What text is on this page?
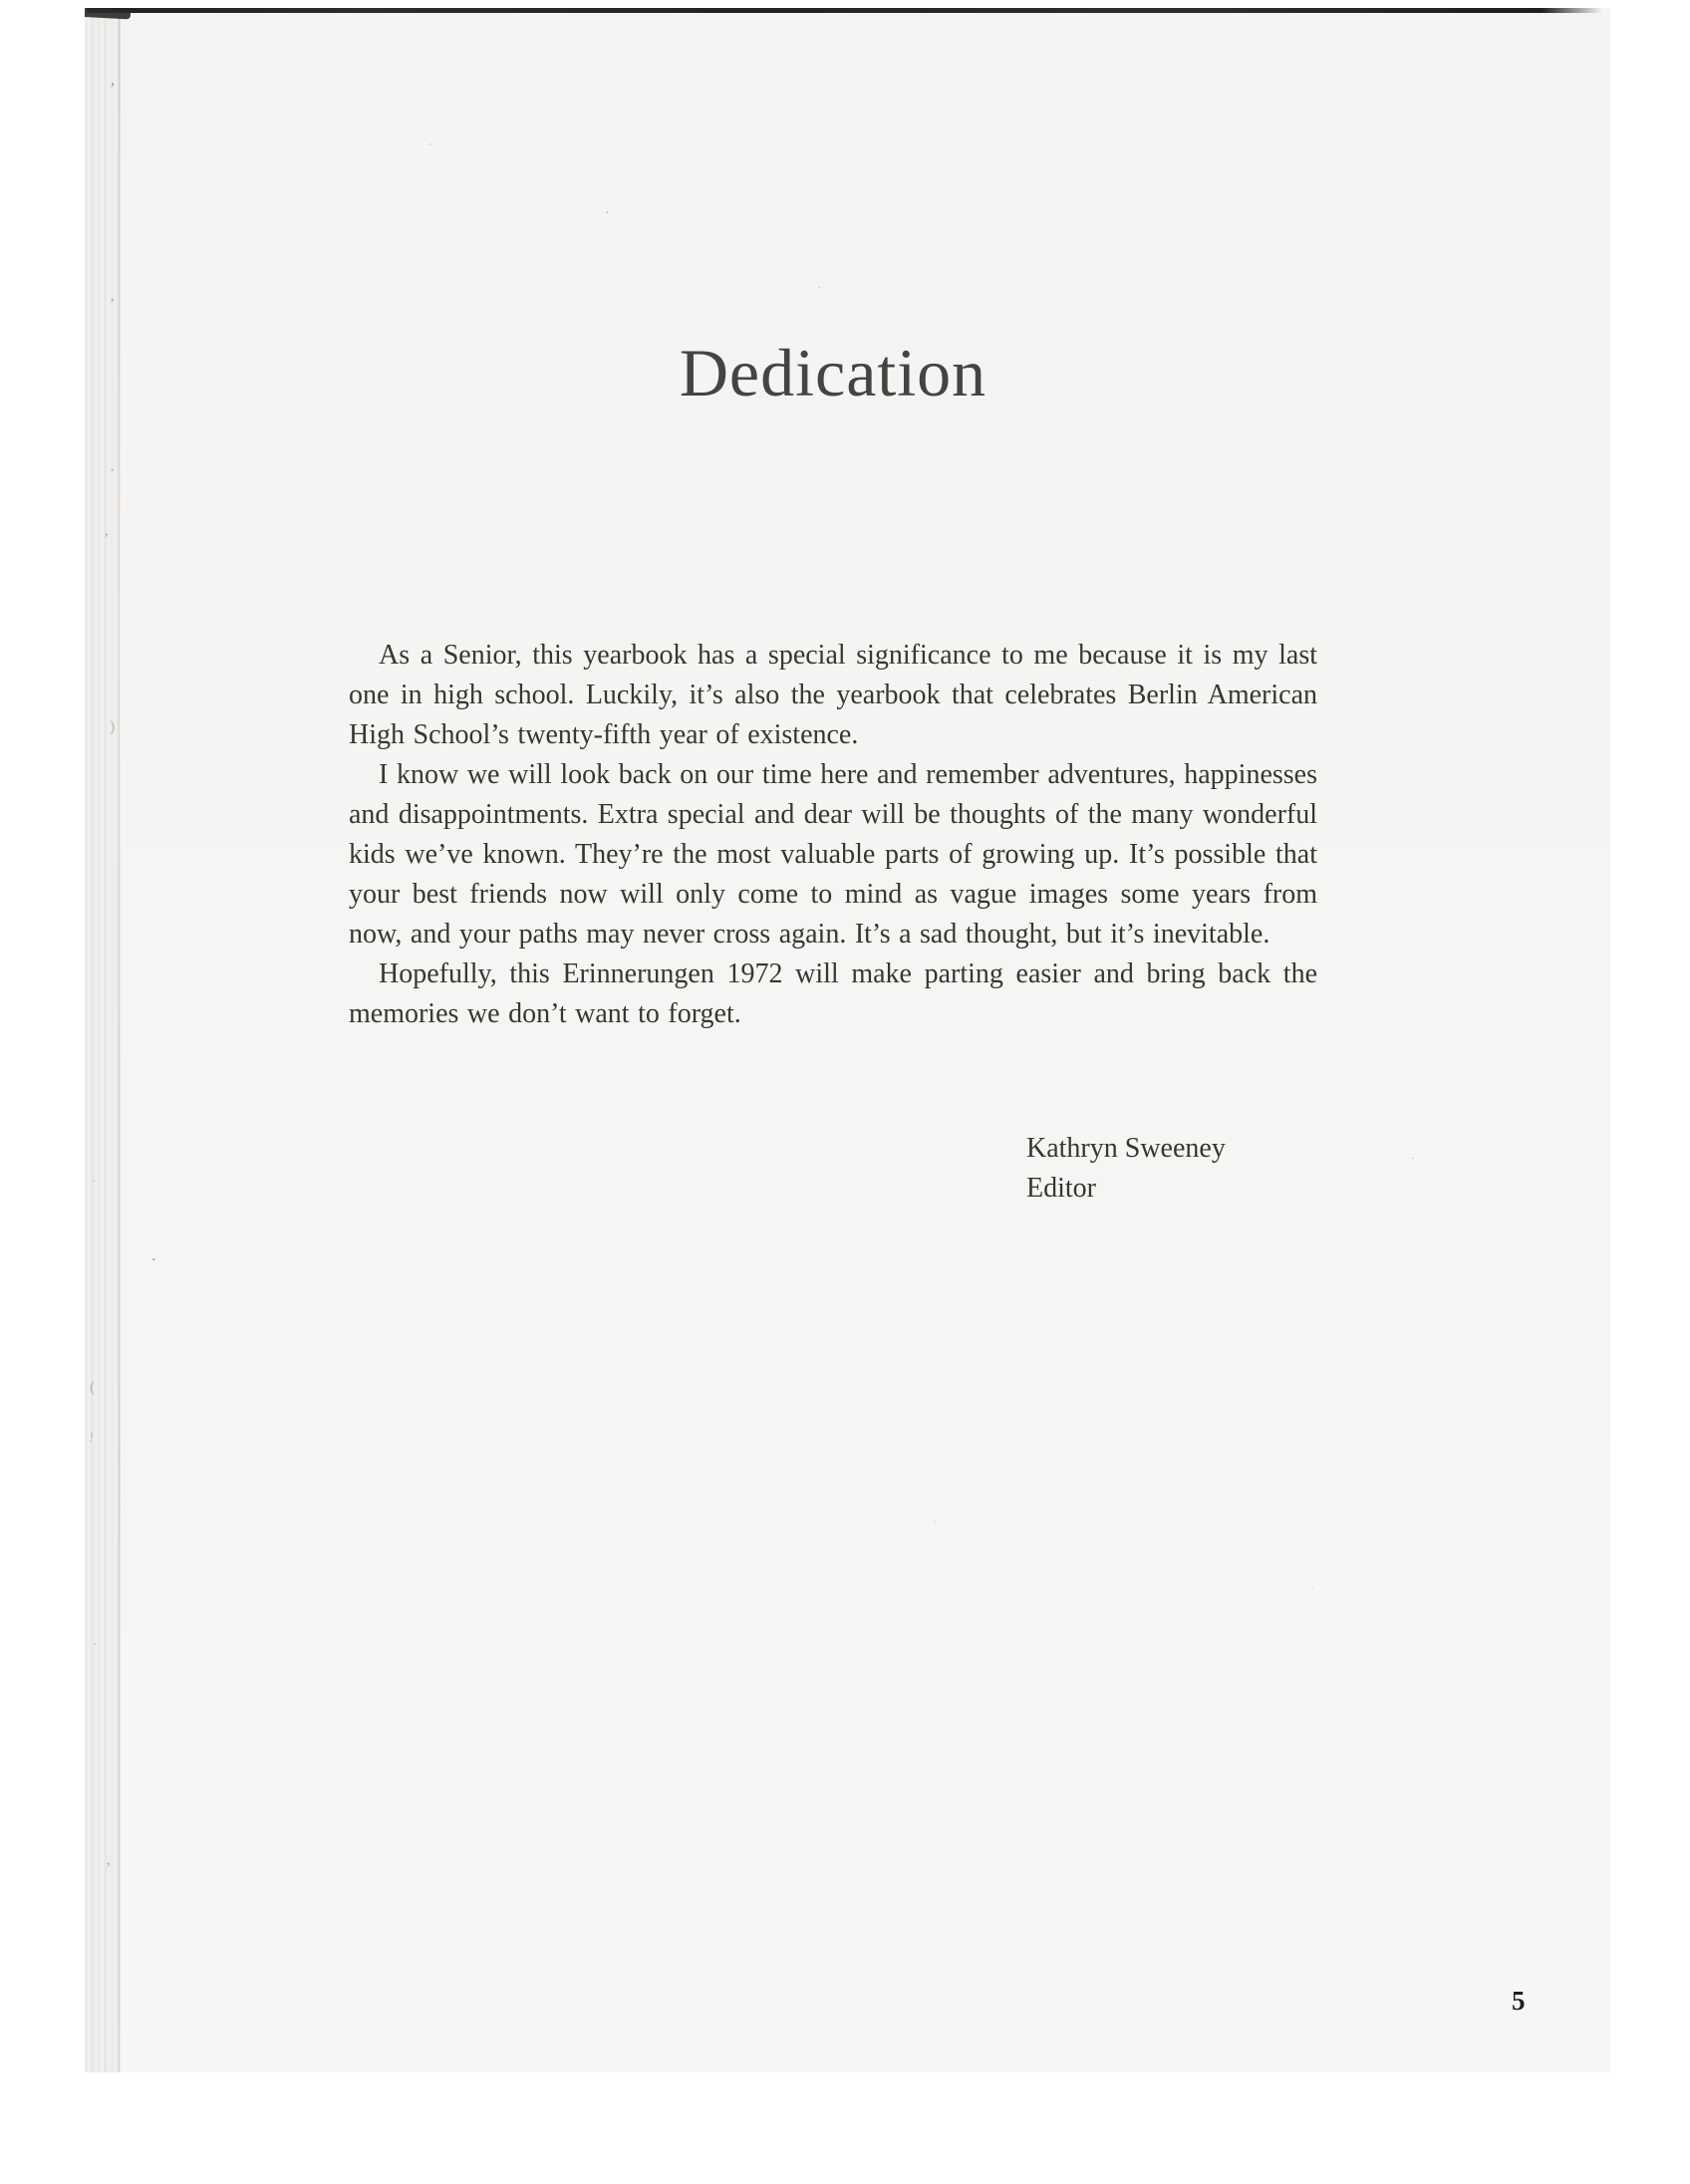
Dedication

As a Senior, this yearbook has a special significance to me because it is my last one in high school. Luckily, it’s also the yearbook that celebrates Berlin American High School’s twenty-fifth year of existence.

I know we will look back on our time here and remember adventures, happinesses and disappointments. Extra special and dear will be thoughts of the many wonderful kids we’ve known. They’re the most valuable parts of growing up. It’s possible that your best friends now will only come to mind as vague images some years from now, and your paths may never cross again. It’s a sad thought, but it’s inevitable.

Hopefully, this Erinnerungen 1972 will make parting easier and bring back the memories we don’t want to forget.

Kathryn Sweeney
Editor
5
’
’
·
‚
)
·
.
(
!
·
’
·
·
·
·
·
·
